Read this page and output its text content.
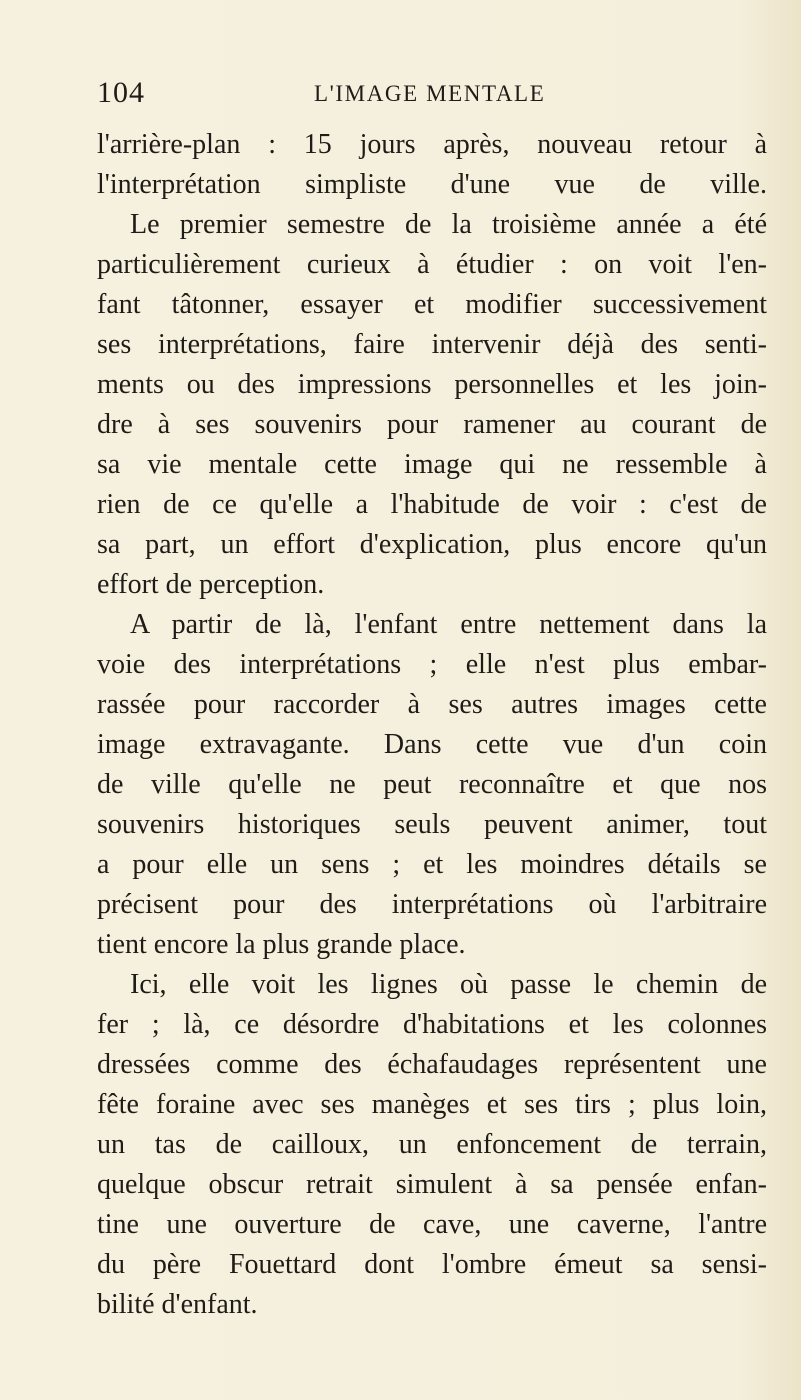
104	L'IMAGE MENTALE
l'arrière-plan : 15 jours après, nouveau retour à
l'interprétation simpliste d'une vue de ville.
Le premier semestre de la troisième année a été
particulièrement curieux à étudier : on voit l'en-
fant tâtonner, essayer et modifier successivement
ses interprétations, faire intervenir déjà des senti-
ments ou des impressions personnelles et les join-
dre à ses souvenirs pour ramener au courant de
sa vie mentale cette image qui ne ressemble à
rien de ce qu'elle a l'habitude de voir : c'est de
sa part, un effort d'explication, plus encore qu'un
effort de perception.
A partir de là, l'enfant entre nettement dans la
voie des interprétations ; elle n'est plus embar-
rassée pour raccorder à ses autres images cette
image extravagante. Dans cette vue d'un coin
de ville qu'elle ne peut reconnaître et que nos
souvenirs historiques seuls peuvent animer, tout
a pour elle un sens ; et les moindres détails se
précisent pour des interprétations où l'arbitraire
tient encore la plus grande place.
Ici, elle voit les lignes où passe le chemin de
fer ; là, ce désordre d'habitations et les colonnes
dressées comme des échafaudages représentent une
fête foraine avec ses manèges et ses tirs ; plus loin,
un tas de cailloux, un enfoncement de terrain,
quelque obscur retrait simulent à sa pensée enfan-
tine une ouverture de cave, une caverne, l'antre
du père Fouettard dont l'ombre émeut sa sensi-
bilité d'enfant.
